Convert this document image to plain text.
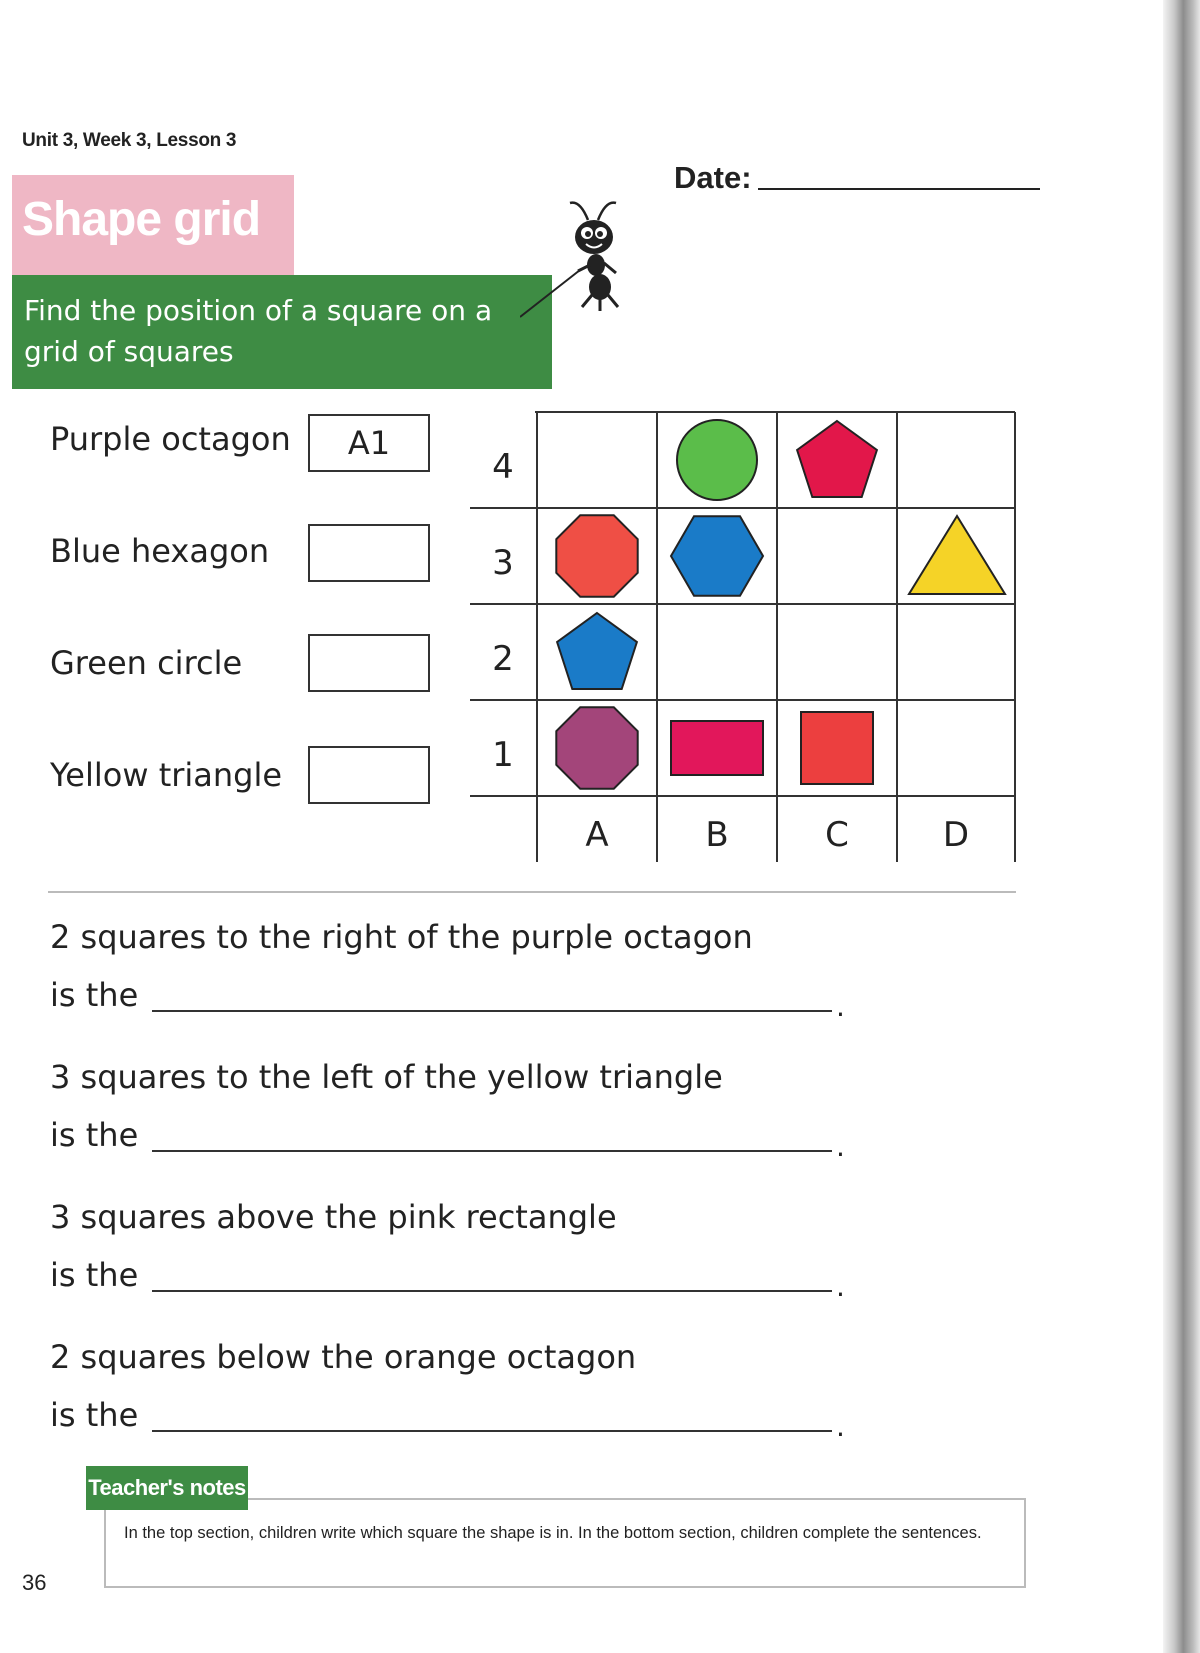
Unit 3, Week 3, Lesson 3
Date:
Shape grid
Find the position of a square on a grid of squares
Purple octagon	A1
Blue hexagon
Green circle
Yellow triangle
4
3
2
1
A	B	C	D
2 squares to the right of the purple octagon
is the	.
3 squares to the left of the yellow triangle
is the	.
3 squares above the pink rectangle
is the	.
2 squares below the orange octagon
is the	.
Teacher's notes
In the top section, children write which square the shape is in. In the bottom section, children complete the sentences.
36
